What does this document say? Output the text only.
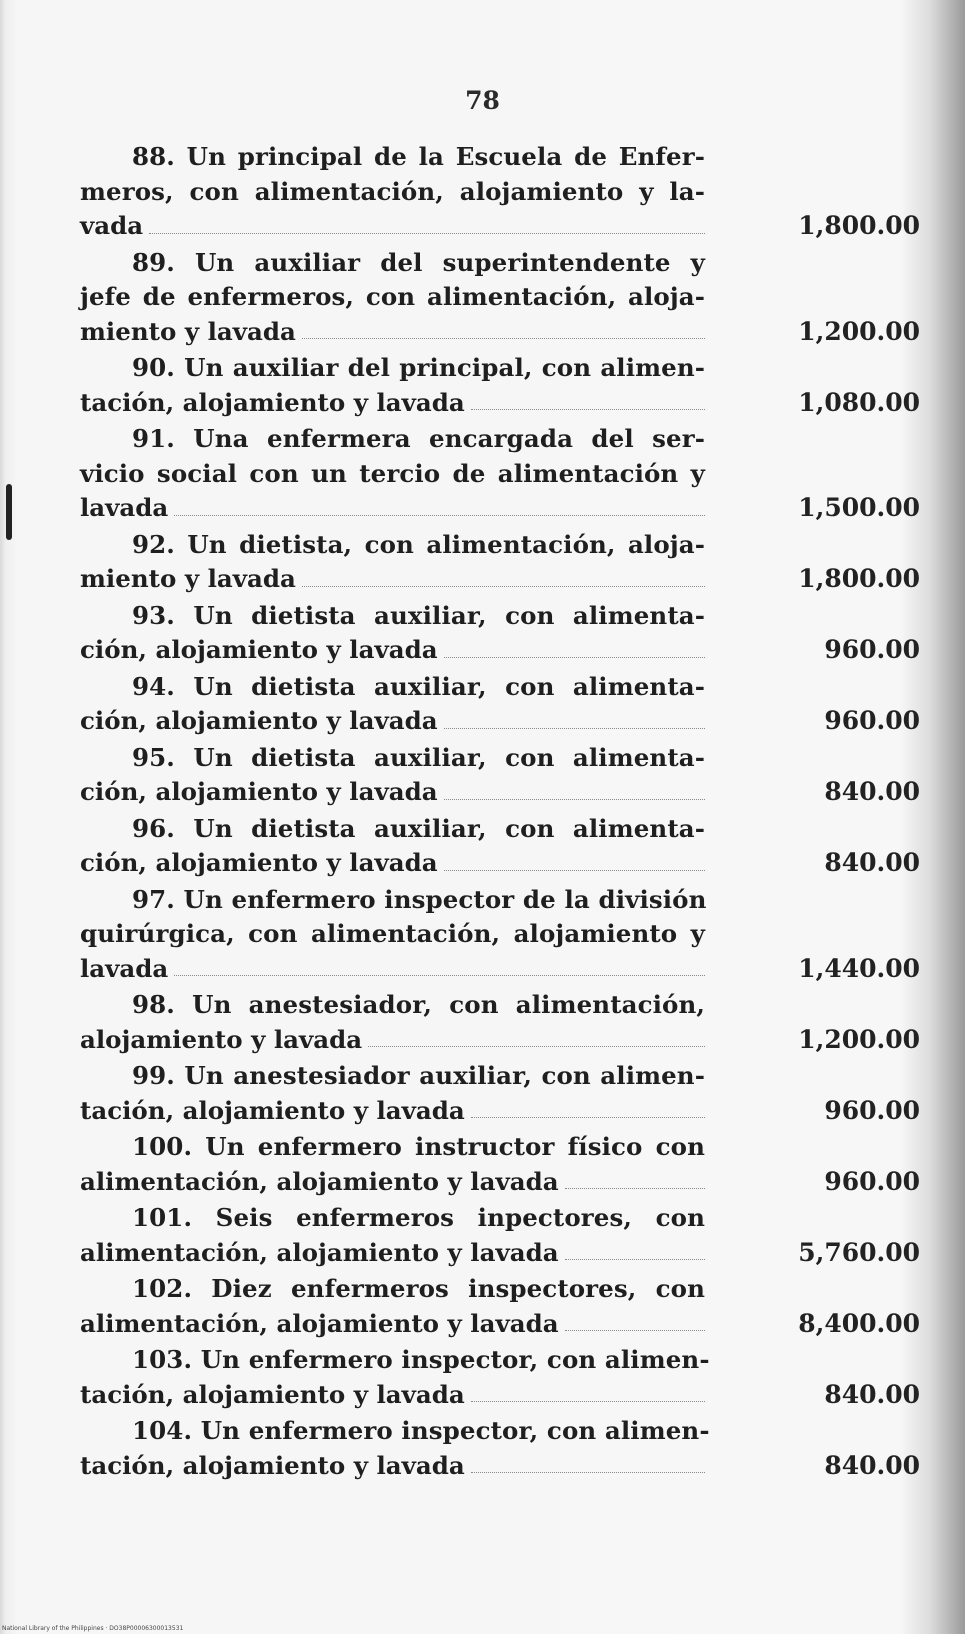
78
88. Un principal de la Escuela de Enfer-
meros, con alimentación, alojamiento y la-
vada	1,800.00
89. Un auxiliar del superintendente y
jefe de enfermeros, con alimentación, aloja-
miento y lavada	1,200.00
90. Un auxiliar del principal, con alimen-
tación, alojamiento y lavada	1,080.00
91. Una enfermera encargada del ser-
vicio social con un tercio de alimentación y
lavada	1,500.00
92. Un dietista, con alimentación, aloja-
miento y lavada	1,800.00
93. Un dietista auxiliar, con alimenta-
ción, alojamiento y lavada	960.00
94. Un dietista auxiliar, con alimenta-
ción, alojamiento y lavada	960.00
95. Un dietista auxiliar, con alimenta-
ción, alojamiento y lavada	840.00
96. Un dietista auxiliar, con alimenta-
ción, alojamiento y lavada	840.00
97. Un enfermero inspector de la división
quirúrgica, con alimentación, alojamiento y
lavada	1,440.00
98. Un anestesiador, con alimentación,
alojamiento y lavada	1,200.00
99. Un anestesiador auxiliar, con alimen-
tación, alojamiento y lavada	960.00
100. Un enfermero instructor físico con
alimentación, alojamiento y lavada	960.00
101. Seis enfermeros inpectores, con
alimentación, alojamiento y lavada	5,760.00
102. Diez enfermeros inspectores, con
alimentación, alojamiento y lavada	8,400.00
103. Un enfermero inspector, con alimen-
tación, alojamiento y lavada	840.00
104. Un enfermero inspector, con alimen-
tación, alojamiento y lavada	840.00
National Library of the Philippines · DO38P00006300013531
